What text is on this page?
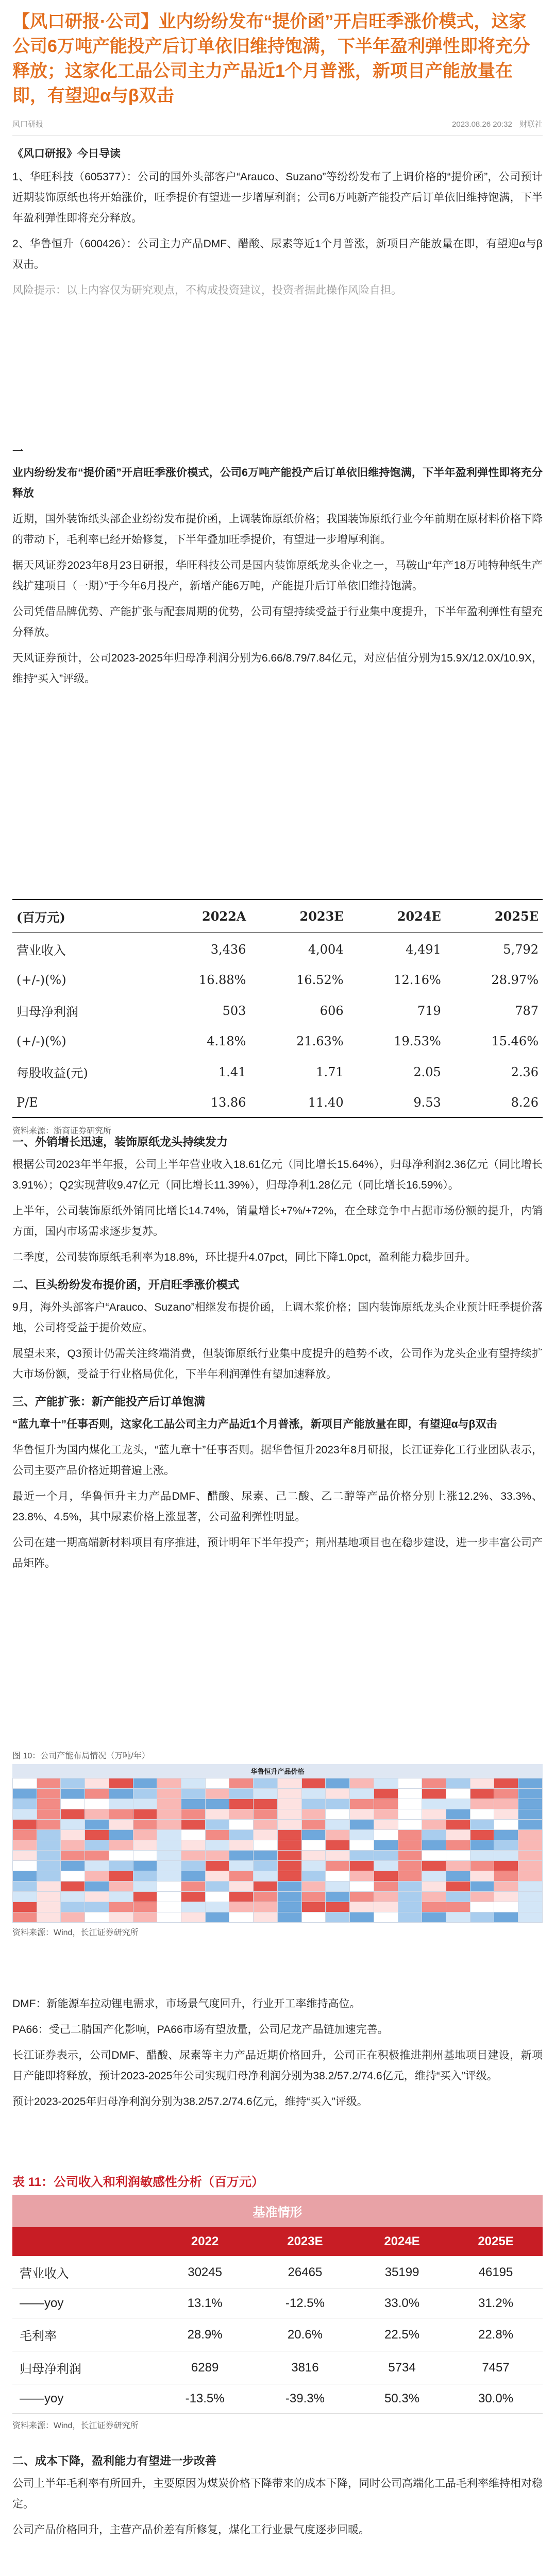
【风口研报·公司】业内纷纷发布“提价函”开启旺季涨价模式，这家公司6万吨产能投产后订单依旧维持饱满，下半年盈利弹性即将充分释放；这家化工品公司主力产品近1个月普涨，新项目产能放量在即，有望迎α与β双击
风口研报	2023.08.26 20:32 财联社
《风口研报》今日导读

1、华旺科技（605377）：公司的国外头部客户“Arauco、Suzano”等纷纷发布了上调价格的“提价函”，公司预计近期装饰原纸也将开始涨价，旺季提价有望进一步增厚利润；公司6万吨新产能投产后订单依旧维持饱满，下半年盈利弹性即将充分释放。

2、华鲁恒升（600426）：公司主力产品DMF、醋酸、尿素等近1个月普涨，新项目产能放量在即，有望迎α与β双击。

风险提示：以上内容仅为研究观点，不构成投资建议，投资者据此操作风险自担。

一

业内纷纷发布“提价函”开启旺季涨价模式，公司6万吨产能投产后订单依旧维持饱满，下半年盈利弹性即将充分释放

近期，国外装饰纸头部企业纷纷发布提价函，上调装饰原纸价格；我国装饰原纸行业今年前期在原材料价格下降的带动下，毛利率已经开始修复，下半年叠加旺季提价，有望进一步增厚利润。

据天风证券2023年8月23日研报，华旺科技公司是国内装饰原纸龙头企业之一，马鞍山“年产18万吨特种纸生产线扩建项目（一期）”于今年6月投产，新增产能6万吨，产能提升后订单依旧维持饱满。

公司凭借品牌优势、产能扩张与配套周期的优势，公司有望持续受益于行业集中度提升，下半年盈利弹性有望充分释放。

天风证券预计，公司2023-2025年归母净利润分别为6.66/8.79/7.84亿元，对应估值分别为15.9X/12.0X/10.9X，维持“买入”评级。

(百万元)	2022A	2023E	2024E	2025E
营业收入	3,436	4,004	4,491	5,792
(+/-)(%)	16.88%	16.52%	12.16%	28.97%
归母净利润	503	606	719	787
(+/-)(%)	4.18%	21.63%	19.53%	15.46%
每股收益(元)	1.41	1.71	2.05	2.36
P/E	13.86	11.40	9.53	8.26
资料来源：浙商证券研究所

一、外销增长迅速，装饰原纸龙头持续发力

根据公司2023年半年报，公司上半年营业收入18.61亿元（同比增长15.64%），归母净利润2.36亿元（同比增长3.91%）；Q2实现营收9.47亿元（同比增长11.39%），归母净利1.28亿元（同比增长16.59%）。

上半年，公司装饰原纸外销同比增长14.74%，销量增长+7%/+72%，在全球竞争中占据市场份额的提升，内销方面，国内市场需求逐步复苏。

二季度，公司装饰原纸毛利率为18.8%，环比提升4.07pct，同比下降1.0pct，盈利能力稳步回升。

二、巨头纷纷发布提价函，开启旺季涨价模式

9月，海外头部客户“Arauco、Suzano”相继发布提价函，上调木浆价格；国内装饰原纸龙头企业预计旺季提价落地，公司将受益于提价效应。

展望未来，Q3预计仍需关注终端消费，但装饰原纸行业集中度提升的趋势不改，公司作为龙头企业有望持续扩大市场份额，受益于行业格局优化，下半年利润弹性有望加速释放。

三、产能扩张：新产能投产后订单饱满

“蓝九章十”任事否则，这家化工品公司主力产品近1个月普涨，新项目产能放量在即，有望迎α与β双击

华鲁恒升为国内煤化工龙头，“蓝九章十”任事否则。据华鲁恒升2023年8月研报，长江证券化工行业团队表示，公司主要产品价格近期普遍上涨。

最近一个月，华鲁恒升主力产品DMF、醋酸、尿素、己二酸、乙二醇等产品价格分别上涨12.2%、33.3%、23.8%、4.5%，其中尿素价格上涨显著，公司盈利弹性明显。

公司在建一期高端新材料项目有序推进，预计明年下半年投产；荆州基地项目也在稳步建设，进一步丰富公司产品矩阵。

图 10：公司产能布局情况（万吨/年）
华鲁恒升产品价格

资料来源：Wind，长江证券研究所

DMF：新能源车拉动锂电需求，市场景气度回升，行业开工率维持高位。

PA66：受己二腈国产化影响，PA66市场有望放量，公司尼龙产品链加速完善。

长江证券表示，公司DMF、醋酸、尿素等主力产品近期价格回升，公司正在积极推进荆州基地项目建设，新项目产能即将释放，预计2023-2025年公司实现归母净利润分别为38.2/57.2/74.6亿元，维持“买入”评级。

预计2023-2025年归母净利润分别为38.2/57.2/74.6亿元，维持“买入”评级。

表 11：公司收入和利润敏感性分析（百万元）
基准情形				
	2022	2023E	2024E	2025E
营业收入	30245	26465	35199	46195
——yoy	13.1%	-12.5%	33.0%	31.2%
毛利率	28.9%	20.6%	22.5%	22.8%
归母净利润	6289	3816	5734	7457
——yoy	-13.5%	-39.3%	50.3%	30.0%
资料来源：Wind，长江证券研究所

二、成本下降，盈利能力有望进一步改善

公司上半年毛利率有所回升，主要原因为煤炭价格下降带来的成本下降，同时公司高端化工品毛利率维持相对稳定。

公司产品价格回升，主营产品价差有所修复，煤化工行业景气度逐步回暖。
